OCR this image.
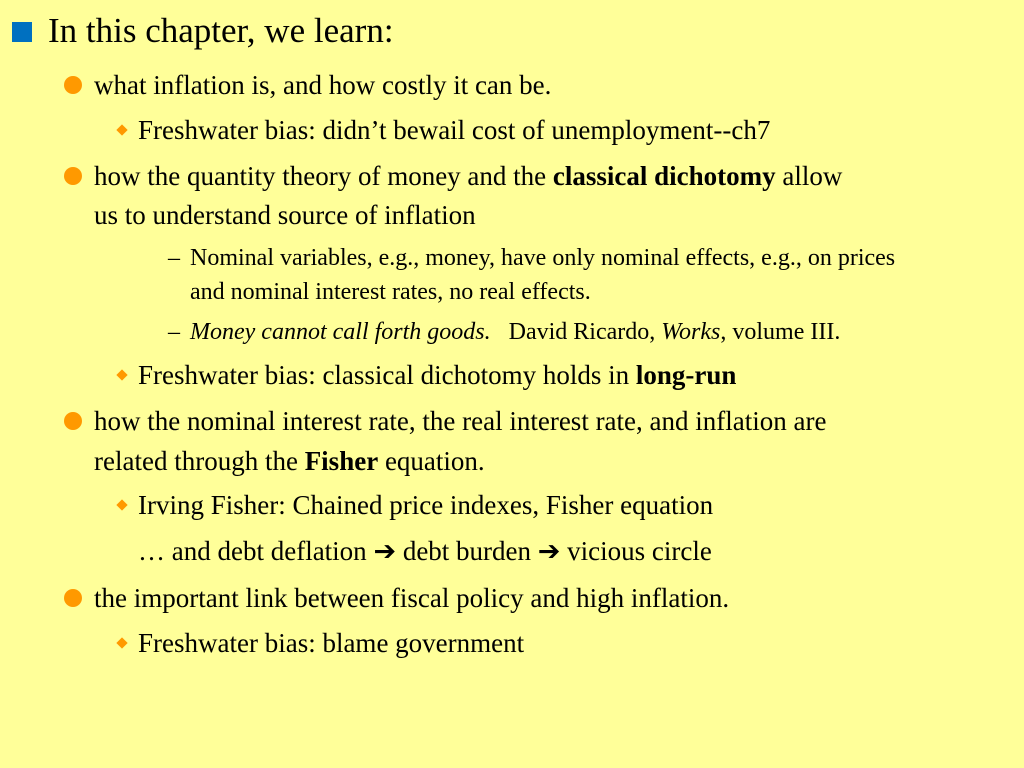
In this chapter, we learn:
what inflation is, and how costly it can be.
Freshwater bias: didn’t bewail cost of unemployment--ch7
how the quantity theory of money and the classical dichotomy allow
us to understand source of inflation
– Nominal variables, e.g., money, have only nominal effects, e.g., on prices
and nominal interest rates, no real effects.
– Money cannot call forth goods.   David Ricardo, Works, volume III.
Freshwater bias: classical dichotomy holds in long-run
how the nominal interest rate, the real interest rate, and inflation are
related through the Fisher equation.
Irving Fisher: Chained price indexes, Fisher equation
… and debt deflation ➔ debt burden ➔ vicious circle
the important link between fiscal policy and high inflation.
Freshwater bias: blame government
